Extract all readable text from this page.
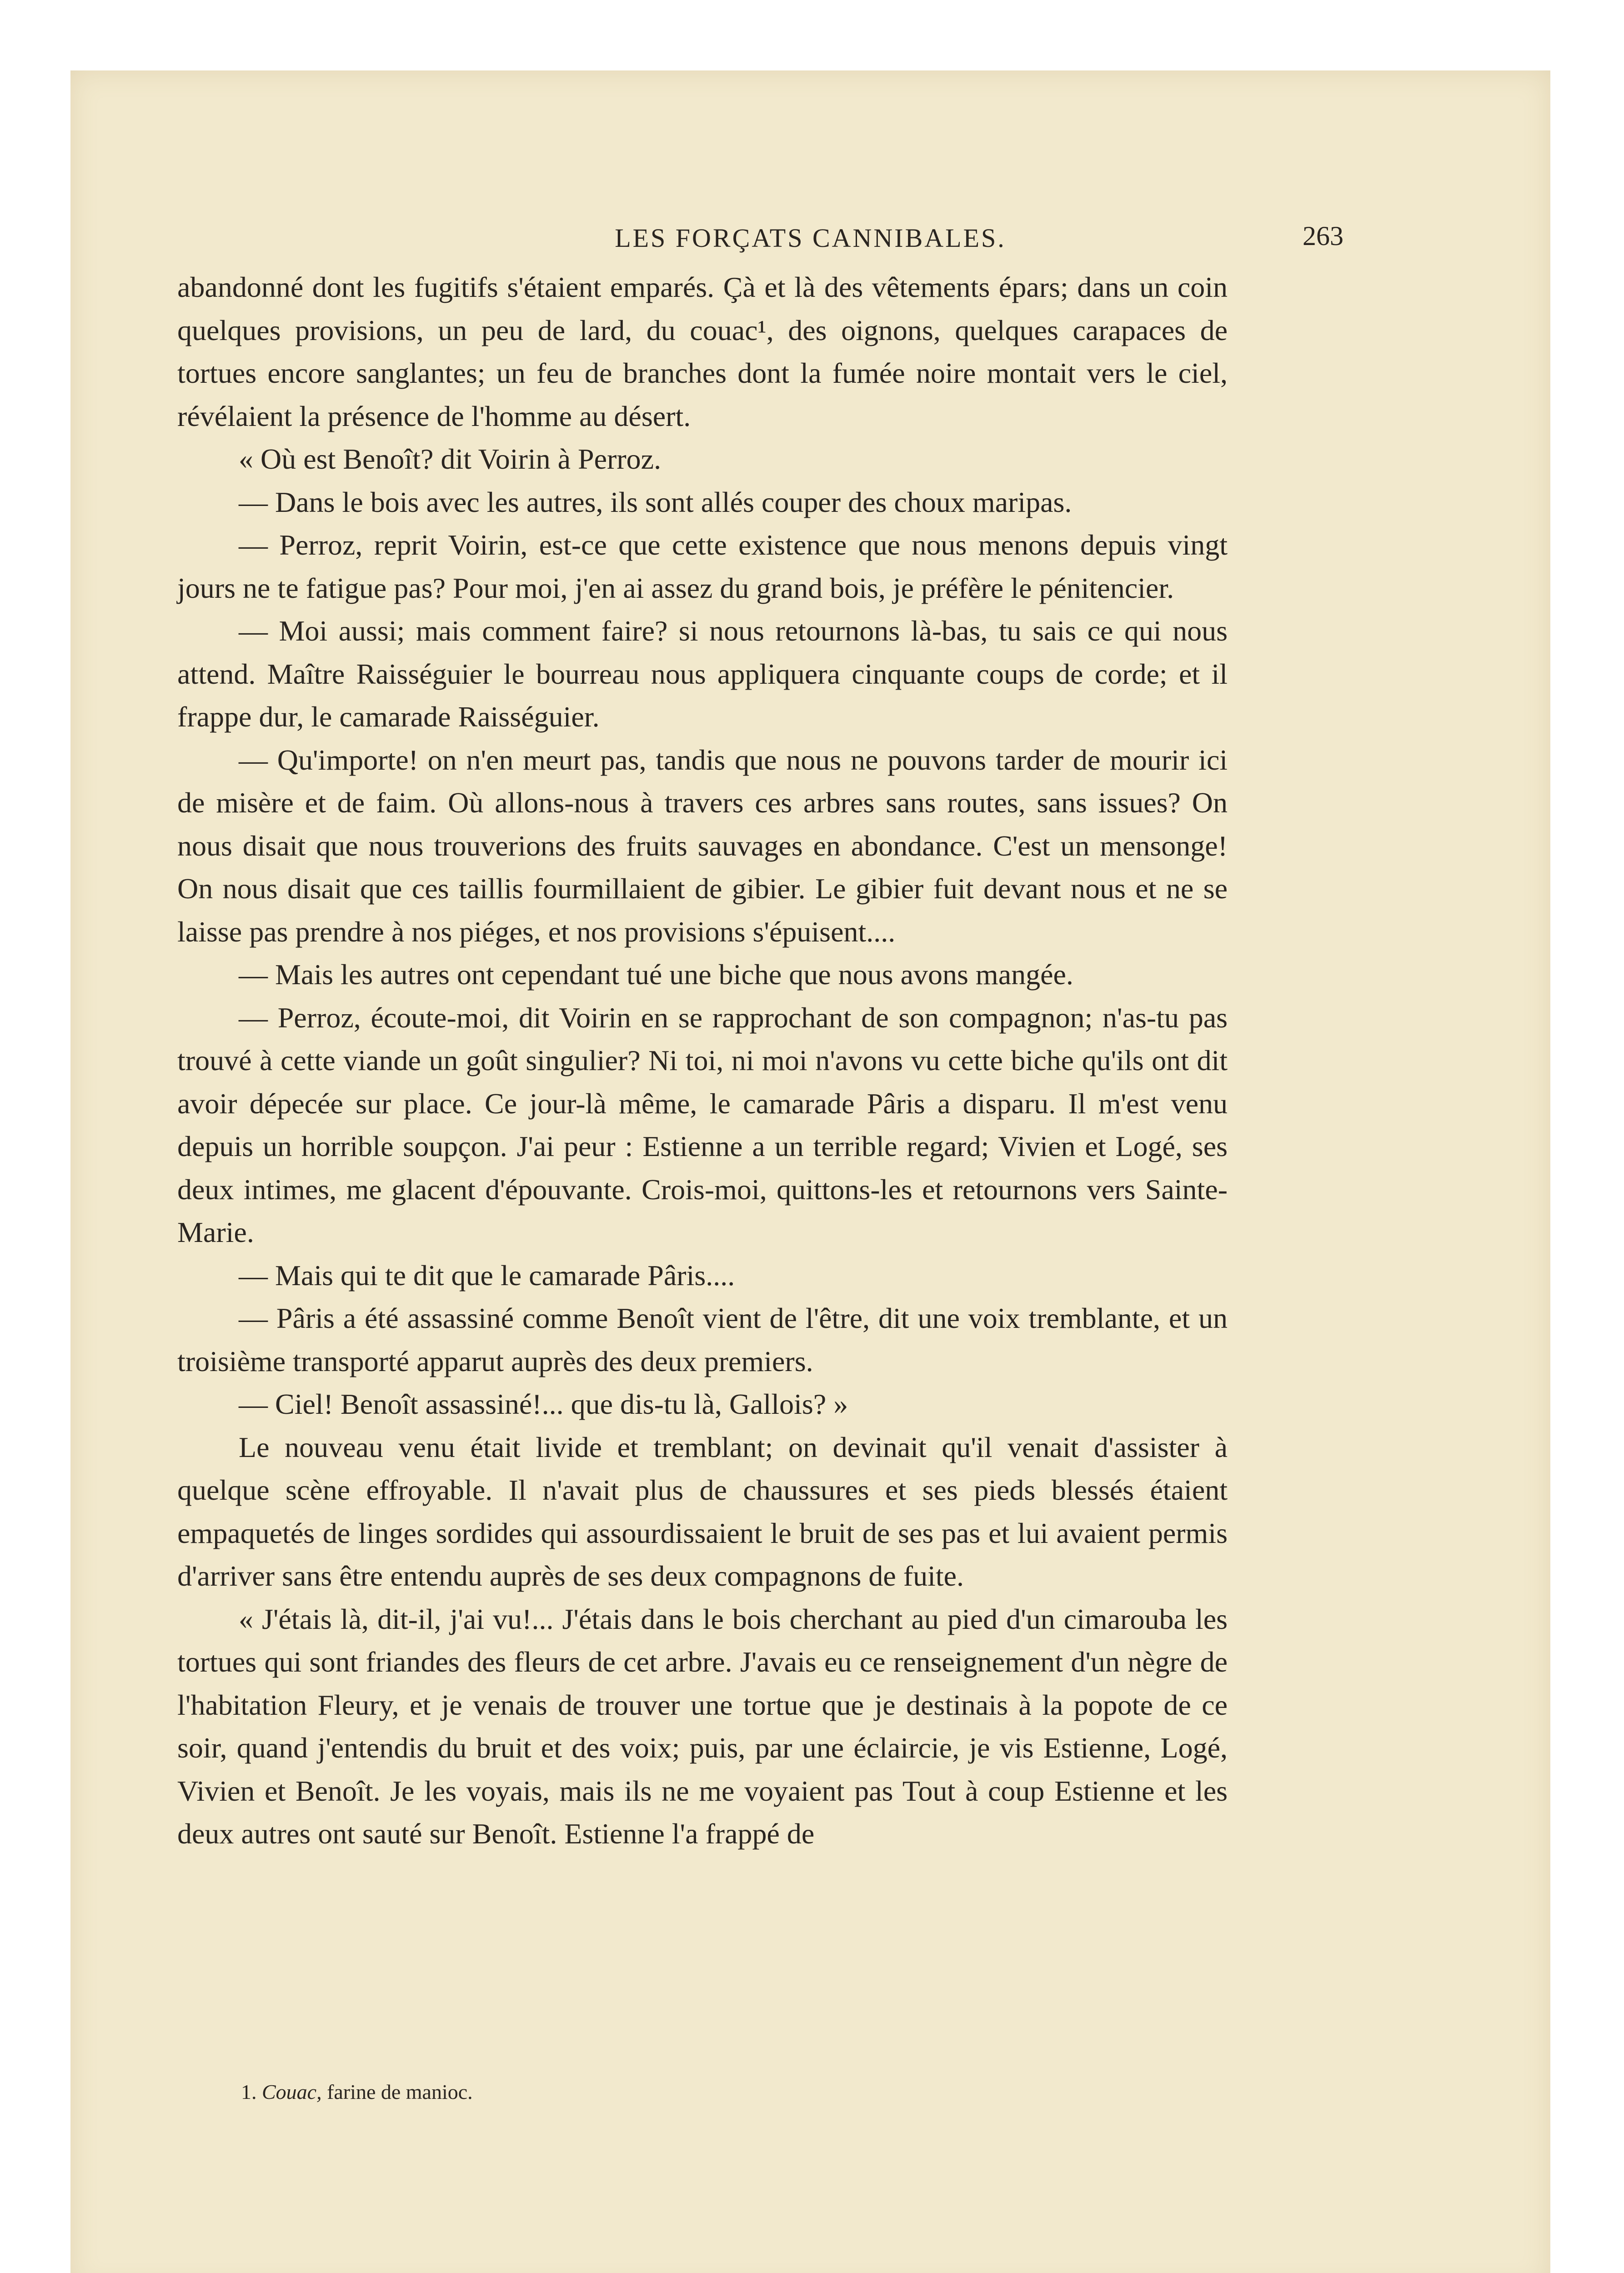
LES FORÇATS CANNIBALES.	263

abandonné dont les fugitifs s'étaient emparés. Çà et là des vêtements épars; dans un coin quelques provisions, un peu de lard, du couac¹, des oignons, quelques carapaces de tortues encore sanglantes; un feu de branches dont la fumée noire montait vers le ciel, révélaient la présence de l'homme au désert.

« Où est Benoît? dit Voirin à Perroz.

— Dans le bois avec les autres, ils sont allés couper des choux maripas.

— Perroz, reprit Voirin, est-ce que cette existence que nous menons depuis vingt jours ne te fatigue pas? Pour moi, j'en ai assez du grand bois, je préfère le pénitencier.

— Moi aussi; mais comment faire? si nous retournons là-bas, tu sais ce qui nous attend. Maître Raisséguier le bourreau nous appliquera cinquante coups de corde; et il frappe dur, le camarade Raisséguier.

— Qu'importe! on n'en meurt pas, tandis que nous ne pouvons tarder de mourir ici de misère et de faim. Où allons-nous à travers ces arbres sans routes, sans issues? On nous disait que nous trouverions des fruits sauvages en abondance. C'est un mensonge! On nous disait que ces taillis fourmillaient de gibier. Le gibier fuit devant nous et ne se laisse pas prendre à nos piéges, et nos provisions s'épuisent....

— Mais les autres ont cependant tué une biche que nous avons mangée.

— Perroz, écoute-moi, dit Voirin en se rapprochant de son compagnon; n'as-tu pas trouvé à cette viande un goût singulier? Ni toi, ni moi n'avons vu cette biche qu'ils ont dit avoir dépecée sur place. Ce jour-là même, le camarade Pâris a disparu. Il m'est venu depuis un horrible soupçon. J'ai peur : Estienne a un terrible regard; Vivien et Logé, ses deux intimes, me glacent d'épouvante. Crois-moi, quittons-les et retournons vers Sainte-Marie.

— Mais qui te dit que le camarade Pâris....

— Pâris a été assassiné comme Benoît vient de l'être, dit une voix tremblante, et un troisième transporté apparut auprès des deux premiers.

— Ciel! Benoît assassiné!... que dis-tu là, Gallois? »

Le nouveau venu était livide et tremblant; on devinait qu'il venait d'assister à quelque scène effroyable. Il n'avait plus de chaussures et ses pieds blessés étaient empaquetés de linges sordides qui assourdissaient le bruit de ses pas et lui avaient permis d'arriver sans être entendu auprès de ses deux compagnons de fuite.

« J'étais là, dit-il, j'ai vu!... J'étais dans le bois cherchant au pied d'un cimarouba les tortues qui sont friandes des fleurs de cet arbre. J'avais eu ce renseignement d'un nègre de l'habitation Fleury, et je venais de trouver une tortue que je destinais à la popote de ce soir, quand j'entendis du bruit et des voix; puis, par une éclaircie, je vis Estienne, Logé, Vivien et Benoît. Je les voyais, mais ils ne me voyaient pas Tout à coup Estienne et les deux autres ont sauté sur Benoît. Estienne l'a frappé de

1. Couac, farine de manioc.
